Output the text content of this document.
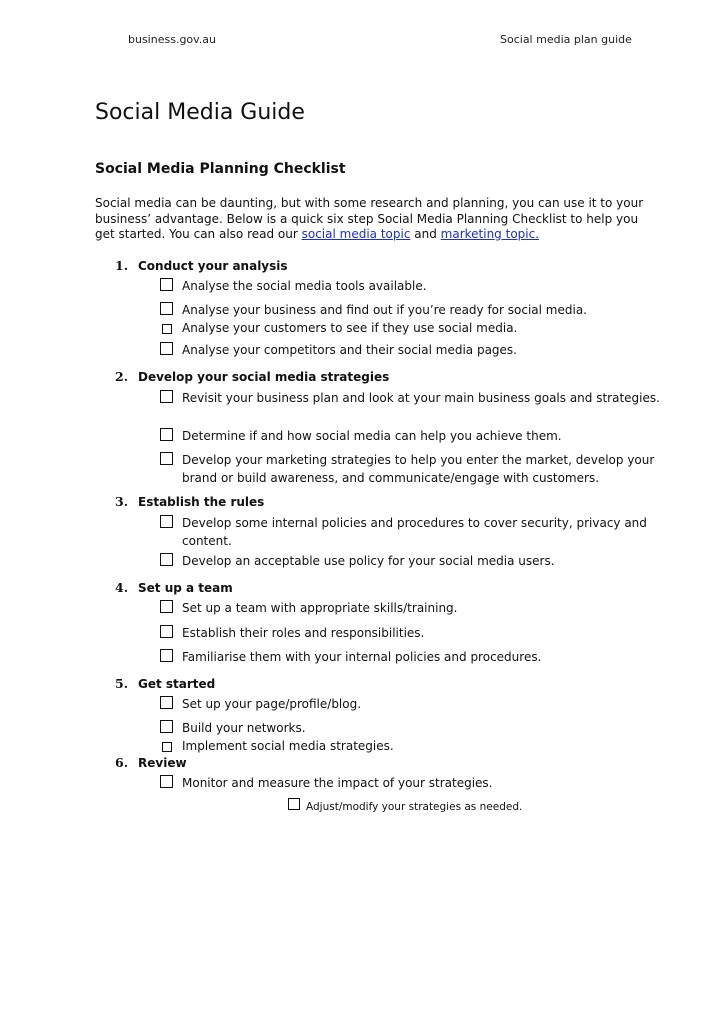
business.gov.au	Social media plan guide
Social Media Guide
Social Media Planning Checklist

Social media can be daunting, but with some research and planning, you can use it to your business’ advantage. Below is a quick six step Social Media Planning Checklist to help you get started. You can also read our social media topic and marketing topic.

1. Conduct your analysis
Analyse the social media tools available.
Analyse your business and find out if you’re ready for social media.
Analyse your customers to see if they use social media.
Analyse your competitors and their social media pages.
2. Develop your social media strategies
Revisit your business plan and look at your main business goals and strategies.
Determine if and how social media can help you achieve them.
Develop your marketing strategies to help you enter the market, develop your brand or build awareness, and communicate/engage with customers.
3. Establish the rules
Develop some internal policies and procedures to cover security, privacy and content.
Develop an acceptable use policy for your social media users.
4. Set up a team
Set up a team with appropriate skills/training.
Establish their roles and responsibilities.
Familiarise them with your internal policies and procedures.
5. Get started
Set up your page/profile/blog.
Build your networks.
Implement social media strategies.
6. Review
Monitor and measure the impact of your strategies.
Adjust/modify your strategies as needed.
